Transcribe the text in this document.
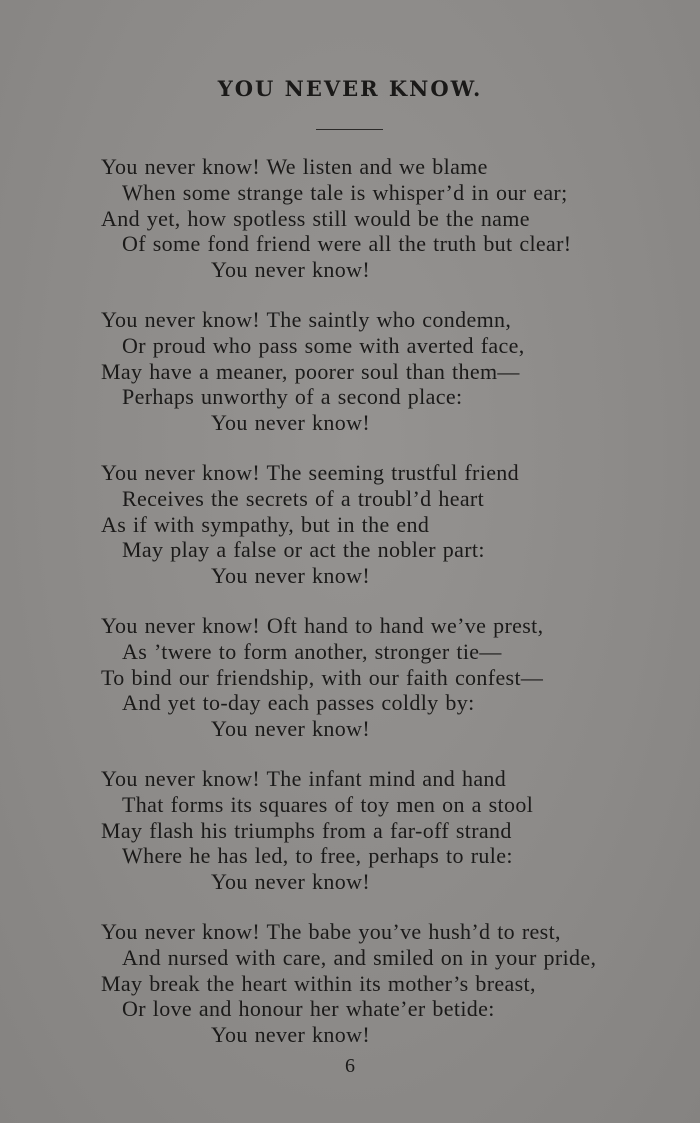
YOU NEVER KNOW.
You never know! We listen and we blame
When some strange tale is whisper’d in our ear;
And yet, how spotless still would be the name
Of some fond friend were all the truth but clear!
You never know!
You never know! The saintly who condemn,
Or proud who pass some with averted face,
May have a meaner, poorer soul than them—
Perhaps unworthy of a second place:
You never know!
You never know! The seeming trustful friend
Receives the secrets of a troubl’d heart
As if with sympathy, but in the end
May play a false or act the nobler part:
You never know!
You never know! Oft hand to hand we’ve prest,
As ’twere to form another, stronger tie—
To bind our friendship, with our faith confest—
And yet to-day each passes coldly by:
You never know!
You never know! The infant mind and hand
That forms its squares of toy men on a stool
May flash his triumphs from a far-off strand
Where he has led, to free, perhaps to rule:
You never know!
You never know! The babe you’ve hush’d to rest,
And nursed with care, and smiled on in your pride,
May break the heart within its mother’s breast,
Or love and honour her whate’er betide:
You never know!
6
